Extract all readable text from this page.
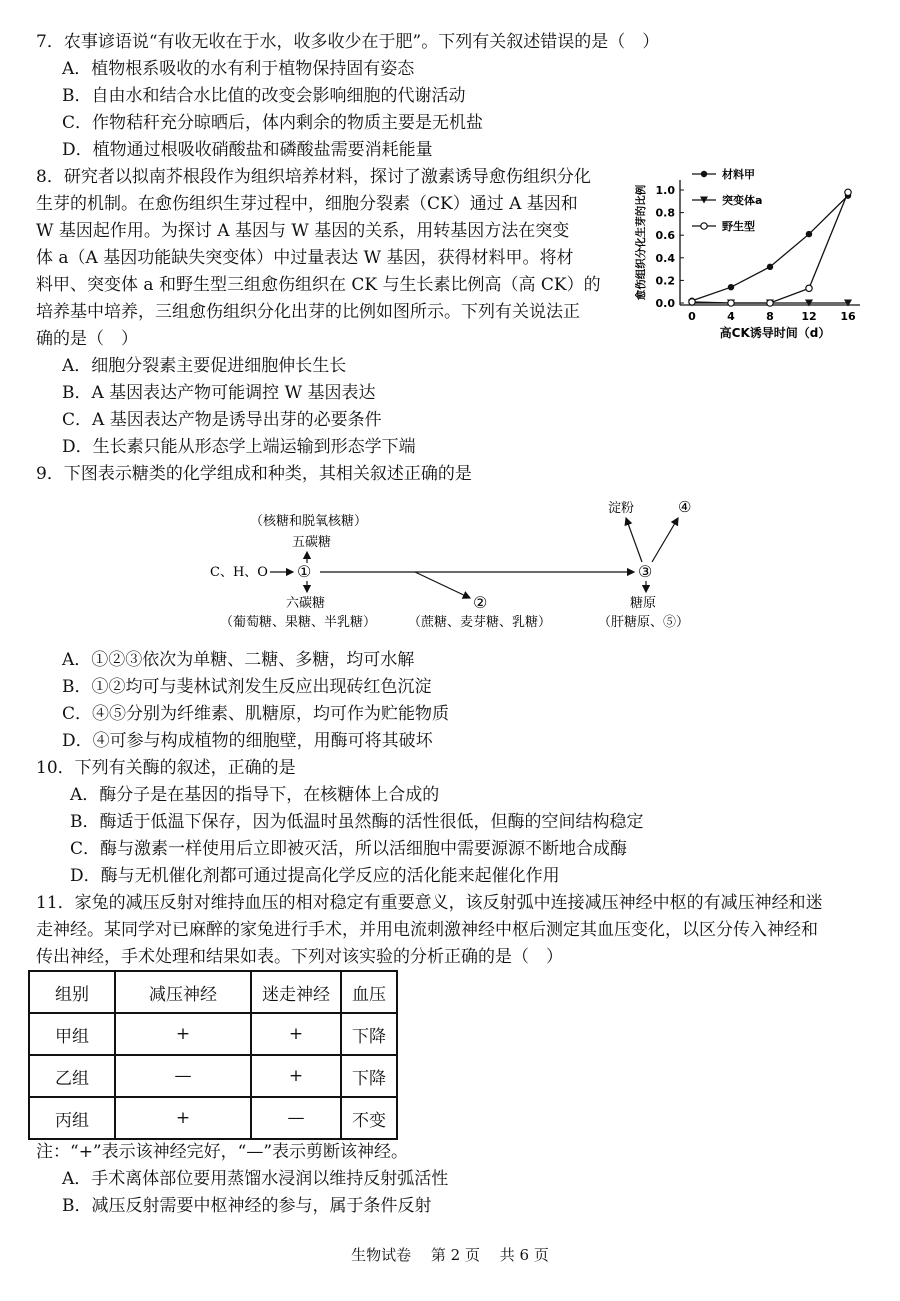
7．农事谚语说“有收无收在于水，收多收少在于肥”。下列有关叙述错误的是（　）
A．植物根系吸收的水有利于植物保持固有姿态
B．自由水和结合水比值的改变会影响细胞的代谢活动
C．作物秸秆充分晾晒后，体内剩余的物质主要是无机盐
D．植物通过根吸收硝酸盐和磷酸盐需要消耗能量
8．研究者以拟南芥根段作为组织培养材料，探讨了激素诱导愈伤组织分化
生芽的机制。在愈伤组织生芽过程中，细胞分裂素（CK）通过 A 基因和
W 基因起作用。为探讨 A 基因与 W 基因的关系，用转基因方法在突变
体 a（A 基因功能缺失突变体）中过量表达 W 基因，获得材料甲。将材
料甲、突变体 a 和野生型三组愈伤组织在 CK 与生长素比例高（高 CK）的
培养基中培养，三组愈伤组织分化出芽的比例如图所示。下列有关说法正
确的是（　）
A．细胞分裂素主要促进细胞伸长生长
B．A 基因表达产物可能调控 W 基因表达
C．A 基因表达产物是诱导出芽的必要条件
D．生长素只能从形态学上端运输到形态学下端
0.0
0.2
0.4
0.6
0.8
1.0
0	4	8	12 16
高CK诱导时间（d）
愈伤组织分化生芽的比例
材料甲
突变体a
野生型
9．下图表示糖类的化学组成和种类，其相关叙述正确的是
（核糖和脱氧核糖）
五碳糖
C、H、O ①
六碳糖
（葡萄糖、果糖、半乳糖）
②
（蔗糖、麦芽糖、乳糖）
③
淀粉	④
糖原
（肝糖原、⑤）
A．①②③依次为单糖、二糖、多糖，均可水解
B．①②均可与斐林试剂发生反应出现砖红色沉淀
C．④⑤分别为纤维素、肌糖原，均可作为贮能物质
D．④可参与构成植物的细胞壁，用酶可将其破坏
10．下列有关酶的叙述，正确的是
A．酶分子是在基因的指导下，在核糖体上合成的
B．酶适于低温下保存，因为低温时虽然酶的活性很低，但酶的空间结构稳定
C．酶与激素一样使用后立即被灭活，所以活细胞中需要源源不断地合成酶
D．酶与无机催化剂都可通过提高化学反应的活化能来起催化作用
11．家兔的减压反射对维持血压的相对稳定有重要意义，该反射弧中连接减压神经中枢的有减压神经和迷
走神经。某同学对已麻醉的家兔进行手术，并用电流刺激神经中枢后测定其血压变化，以区分传入神经和
传出神经，手术处理和结果如表。下列对该实验的分析正确的是（　）
组别	减压神经	迷走神经	血压
甲组	+	+	下降
乙组	—	+	下降
丙组	+	—	不变
注：“+”表示该神经完好，“—”表示剪断该神经。
A．手术离体部位要用蒸馏水浸润以维持反射弧活性
B．减压反射需要中枢神经的参与，属于条件反射
生物试卷　 第 2 页　 共 6 页
